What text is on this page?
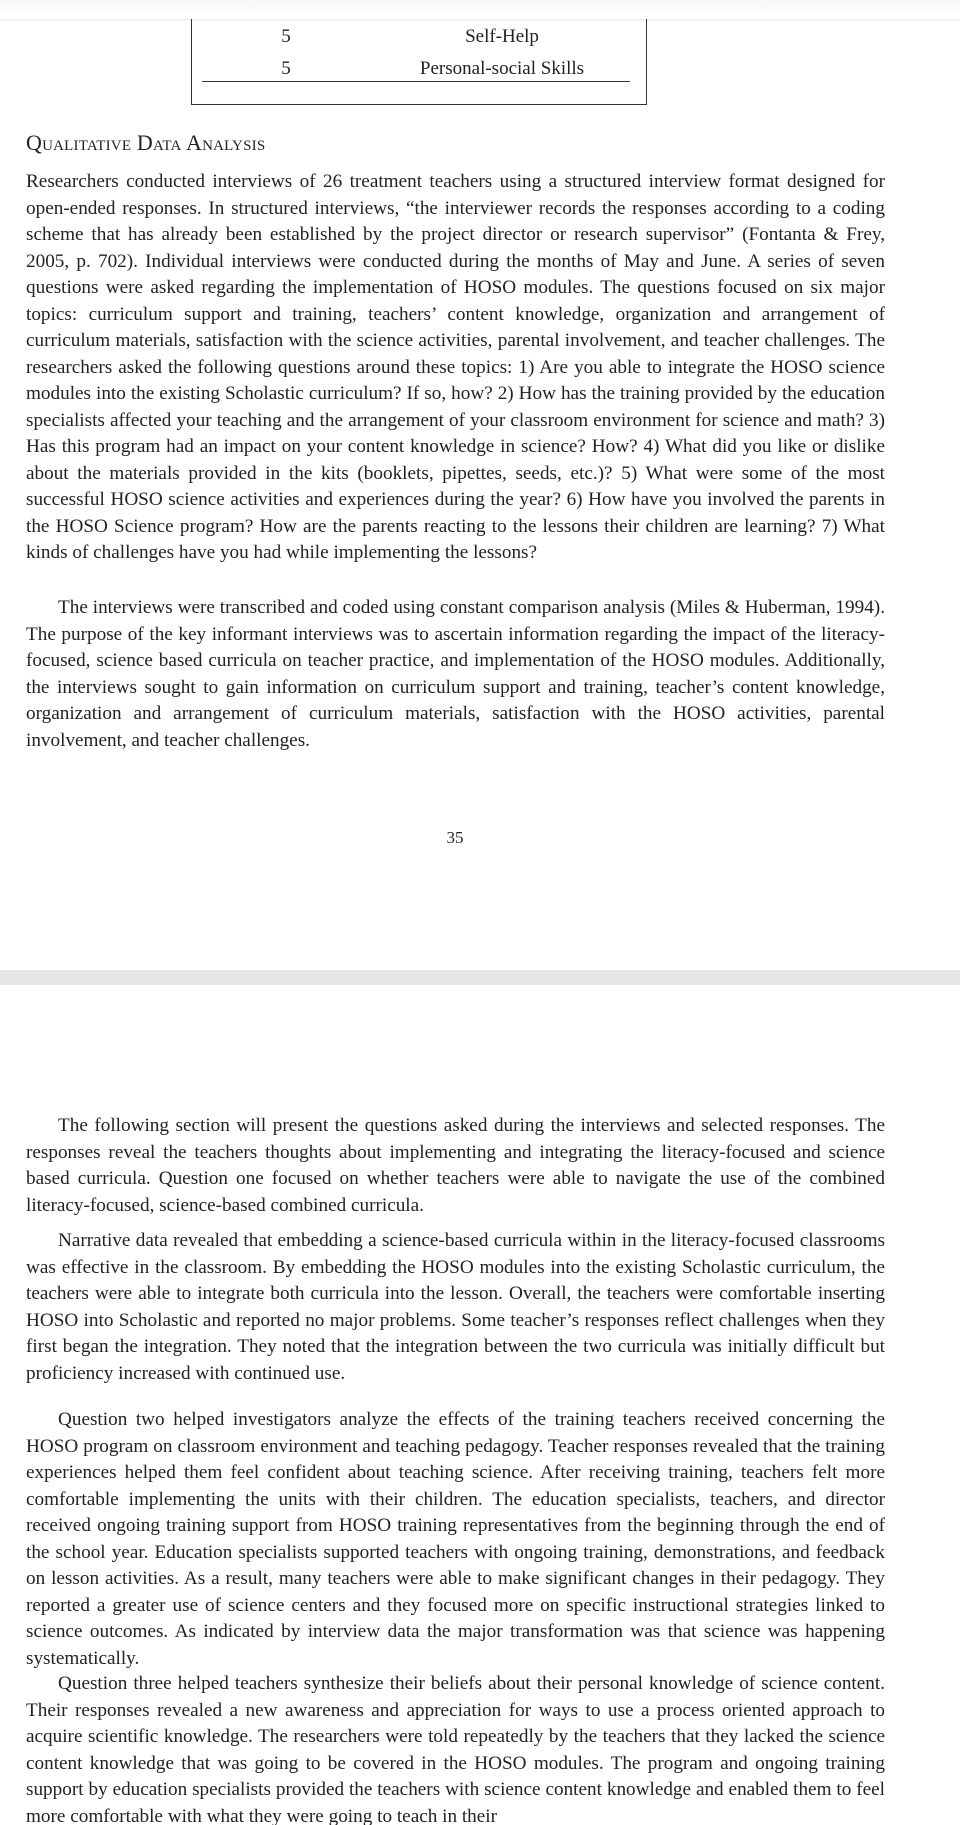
5	Self-Help
5	Personal-social Skills
Qualitative Data Analysis

Researchers conducted interviews of 26 treatment teachers using a structured interview format designed for open-ended responses. In structured interviews, “the interviewer records the responses according to a coding scheme that has already been established by the project director or research supervisor” (Fontanta & Frey, 2005, p. 702). Individual interviews were conducted during the months of May and June. A series of seven questions were asked regarding the implementation of HOSO modules. The questions focused on six major topics: curriculum support and training, teachers’ content knowledge, organization and arrangement of curriculum materials, satisfaction with the science activities, parental involvement, and teacher challenges. The researchers asked the following questions around these topics: 1) Are you able to integrate the HOSO science modules into the existing Scholastic curriculum? If so, how? 2) How has the training provided by the education specialists affected your teaching and the arrangement of your classroom environment for science and math? 3) Has this program had an impact on your content knowledge in science? How? 4) What did you like or dislike about the materials provided in the kits (booklets, pipettes, seeds, etc.)? 5) What were some of the most successful HOSO science activities and experiences during the year? 6) How have you involved the parents in the HOSO Science program? How are the parents reacting to the lessons their children are learning? 7) What kinds of challenges have you had while implementing the lessons?

The interviews were transcribed and coded using constant comparison analysis (Miles & Huberman, 1994). The purpose of the key informant interviews was to ascertain information regarding the impact of the literacy-focused, science based curricula on teacher practice, and implementation of the HOSO modules. Additionally, the interviews sought to gain information on curriculum support and training, teacher’s content knowledge, organization and arrangement of curriculum materials, satisfaction with the HOSO activities, parental involvement, and teacher challenges.

35

The following section will present the questions asked during the interviews and selected responses. The responses reveal the teachers thoughts about implementing and integrating the literacy-focused and science based curricula. Question one focused on whether teachers were able to navigate the use of the combined literacy-focused, science-based combined curricula.

Narrative data revealed that embedding a science-based curricula within in the literacy-focused classrooms was effective in the classroom. By embedding the HOSO modules into the existing Scholastic curriculum, the teachers were able to integrate both curricula into the lesson. Overall, the teachers were comfortable inserting HOSO into Scholastic and reported no major problems. Some teacher’s responses reflect challenges when they first began the integration. They noted that the integration between the two curricula was initially difficult but proficiency increased with continued use.

Question two helped investigators analyze the effects of the training teachers received concerning the HOSO program on classroom environment and teaching pedagogy. Teacher responses revealed that the training experiences helped them feel confident about teaching science. After receiving training, teachers felt more comfortable implementing the units with their children. The education specialists, teachers, and director received ongoing training support from HOSO training representatives from the beginning through the end of the school year. Education specialists supported teachers with ongoing training, demonstrations, and feedback on lesson activities. As a result, many teachers were able to make significant changes in their pedagogy. They reported a greater use of science centers and they focused more on specific instructional strategies linked to science outcomes. As indicated by interview data the major transformation was that science was happening systematically.

Question three helped teachers synthesize their beliefs about their personal knowledge of science content. Their responses revealed a new awareness and appreciation for ways to use a process oriented approach to acquire scientific knowledge. The researchers were told repeatedly by the teachers that they lacked the science content knowledge that was going to be covered in the HOSO modules. The program and ongoing training support by education specialists provided the teachers with science content knowledge and enabled them to feel more comfortable with what they were going to teach in their
